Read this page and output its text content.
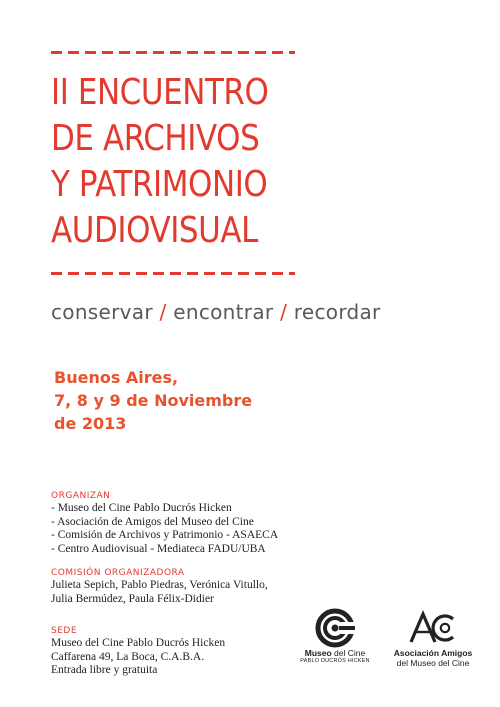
II ENCUENTRO
DE ARCHIVOS
Y PATRIMONIO
AUDIOVISUAL
conservar / encontrar / recordar
Buenos Aires,
7, 8 y 9 de Noviembre
de 2013
ORGANIZAN
- Museo del Cine Pablo Ducrós Hicken
- Asociación de Amigos del Museo del Cine
- Comisión de Archivos y Patrimonio - ASAECA
- Centro Audiovisual - Mediateca FADU/UBA
COMISIÓN ORGANIZADORA
Julieta Sepich, Pablo Piedras, Verónica Vitullo,
Julia Bermúdez, Paula Félix-Didier
SEDE
Museo del Cine Pablo Ducrós Hicken
Caffarena 49, La Boca, C.A.B.A.
Entrada libre y gratuita
Museo del Cine
PABLO DUCRÓS HICKEN
Asociación Amigos
del Museo del Cine
